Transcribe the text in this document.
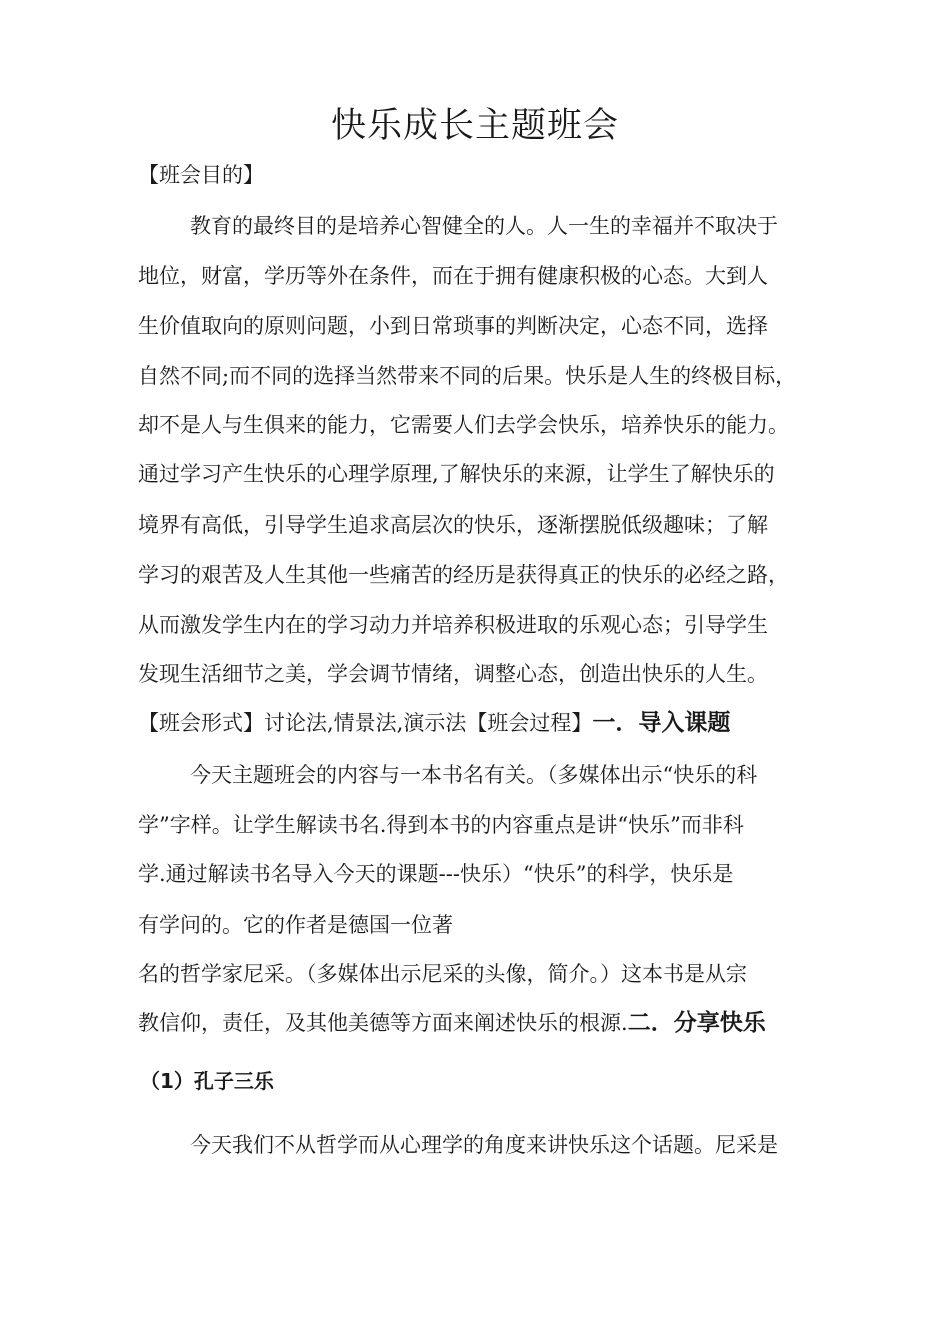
快乐成长主题班会

【班会目的】

教育的最终目的是培养心智健全的人。人一生的幸福并不取决于

地位，财富，学历等外在条件，而在于拥有健康积极的心态。大到人

生价值取向的原则问题，小到日常琐事的判断决定，心态不同，选择

自然不同;而不同的选择当然带来不同的后果。快乐是人生的终极目标，

却不是人与生俱来的能力，它需要人们去学会快乐，培养快乐的能力。

通过学习产生快乐的心理学原理,了解快乐的来源，让学生了解快乐的

境界有高低，引导学生追求高层次的快乐，逐渐摆脱低级趣味；了解

学习的艰苦及人生其他一些痛苦的经历是获得真正的快乐的必经之路，

从而激发学生内在的学习动力并培养积极进取的乐观心态；引导学生

发现生活细节之美，学会调节情绪，调整心态，创造出快乐的人生。

【班会形式】讨论法,情景法,演示法【班会过程】一．导入课题

今天主题班会的内容与一本书名有关。（多媒体出示“快乐的科

学”字样。让学生解读书名.得到本书的内容重点是讲“快乐”而非科

学.通过解读书名导入今天的课题---快乐）“快乐”的科学，快乐是

有学问的。它的作者是德国一位著

名的哲学家尼采。（多媒体出示尼采的头像，简介。）这本书是从宗

教信仰，责任，及其他美德等方面来阐述快乐的根源.二．分享快乐

（1）孔子三乐

今天我们不从哲学而从心理学的角度来讲快乐这个话题。尼采是
